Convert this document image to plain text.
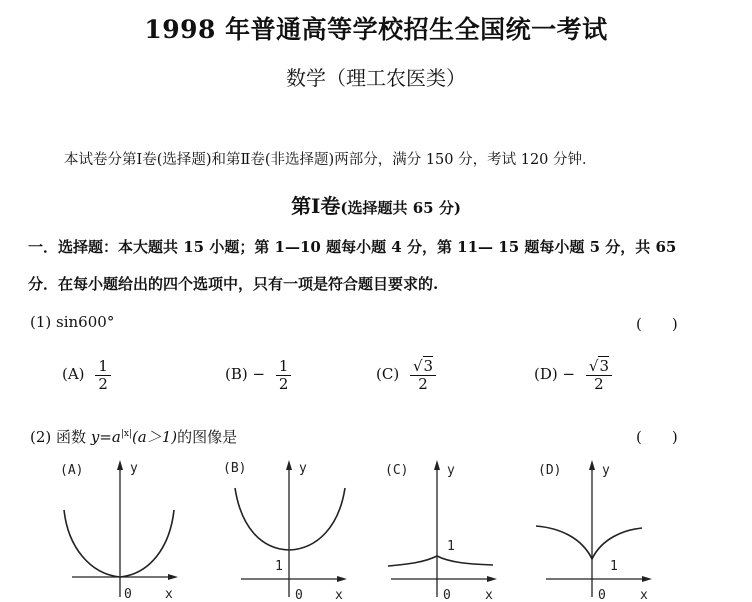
1998 年普通高等学校招生全国统一考试
数学（理工农医类）
本试卷分第Ⅰ卷(选择题)和第Ⅱ卷(非选择题)两部分，满分 150 分，考试 120 分钟．
第Ⅰ卷(选择题共 65 分)
一．选择题：本大题共 15 小题；第 1—10 题每小题 4 分，第 11— 15 题每小题 5 分，共 65
分．在每小题给出的四个选项中，只有一项是符合题目要求的.
(1) sin600°	(　　)
$(A) \frac{1}{2}$	$(B) - \frac{1}{2}$	$(C) \frac{√3}{2}$	$(D) - \frac{√3}{2}$
(2) 函数 $y=a^{|x|}(a>1)$的图像是	(　　)
(A)	y
x
0
(B)	y
x
0
1
(C)	y
x
0
1
(D)	y
x
0
1
